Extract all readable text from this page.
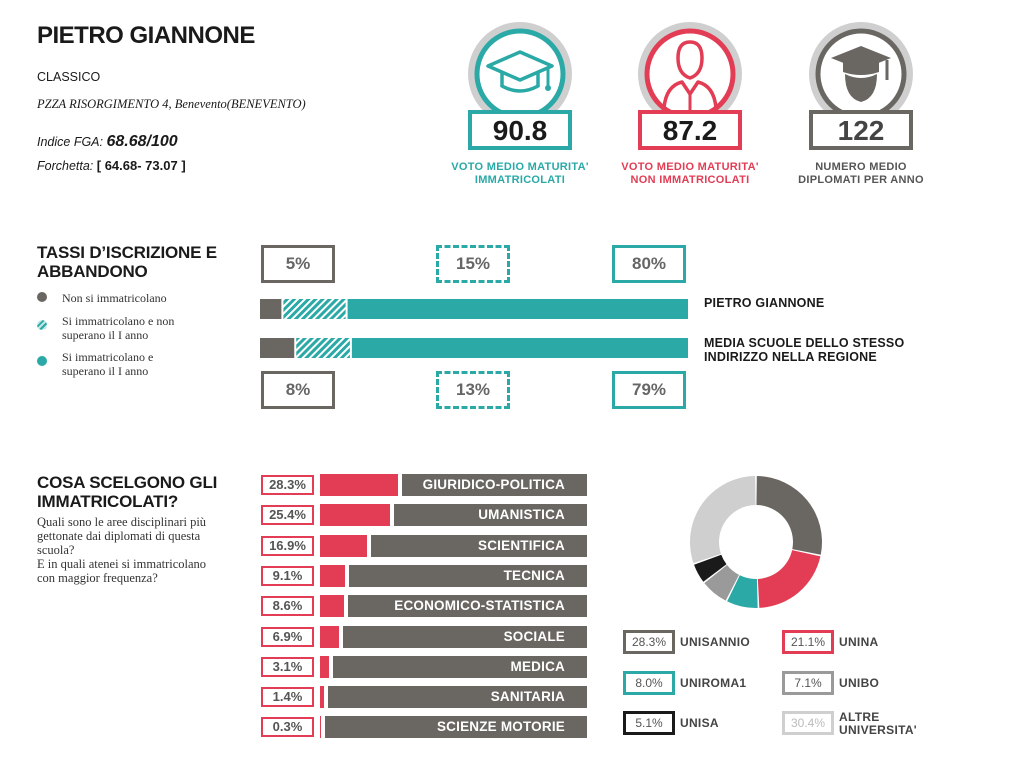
PIETRO GIANNONE
CLASSICO
PZZA RISORGIMENTO 4, Benevento(BENEVENTO)
Indice FGA: 68.68/100
Forchetta: [ 64.68- 73.07 ]
90.8
VOTO MEDIO MATURITA'
IMMATRICOLATI
87.2
VOTO MEDIO MATURITA'
NON IMMATRICOLATI
122
NUMERO MEDIO
DIPLOMATI PER ANNO
TASSI D’ISCRIZIONE E
ABBANDONO
Non si immatricolano
Si immatricolano e non
superano il I anno
Si immatricolano e
superano il I anno
5%	15%	80%
PIETRO GIANNONE
MEDIA SCUOLE DELLO STESSO
INDIRIZZO NELLA REGIONE
8%	13%	79%
COSA SCELGONO GLI
IMMATRICOLATI?
Quali sono le aree disciplinari più
gettonate dai diplomati di questa
scuola?
E in quali atenei si immatricolano
con maggior frequenza?
28.3%	GIURIDICO-POLITICA
25.4%	UMANISTICA
16.9%	SCIENTIFICA
9.1%	TECNICA
8.6%	ECONOMICO-STATISTICA
6.9%	SOCIALE
3.1%	MEDICA
1.4%	SANITARIA
0.3%	SCIENZE MOTORIE
28.3%	UNISANNIO	21.1%	UNINA
8.0%	UNIROMA1	7.1%	UNIBO
5.1%	UNISA	30.4%	ALTRE
UNIVERSITA'
